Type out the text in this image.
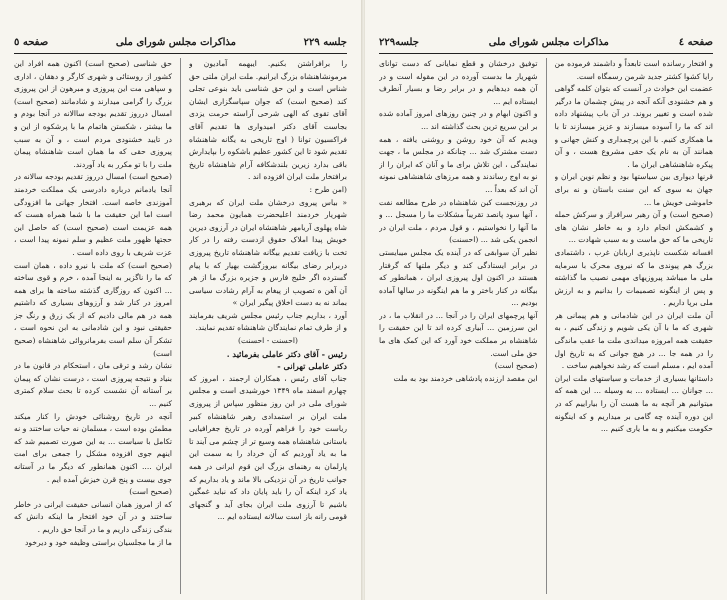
جلسه ۲۲۹
مذاکرات مجلس شورای ملی
صفحه ٥

را برافراشتن بکنیم. ایبهمه آمادیون و مرمونشاهنشاه بزرگ ایرانیم. ملت ایران ملتی حق شناس است و این حق شناسی باید بنوعی تجلی کند (صحیح است) که جوان سپاسگزاری ایشان آقای تقوی که الهی شرحی آراسته حرمت یزدی بجاست آقای دکتر امیدواری ها تقدیم آقای فراکسیون توانا ( اوج تاریخی به یگانه شاهنشاه تقدیم شود تا این کشور عظیم باشکوه را بپایدارش باقی بدارد زیرین بلندشکافه آرام شاهنشاه تاریخ برافتخار ملت ایران افزوده اند .

(امن طرح :

« بیاس پیروی درخشان ملت ایران که برهبری شهریار خردمند اعلیحضرت همایون محمد رضا شاه پهلوی آریامهر شاهنشاه ایران در آرزوی دیرین خویش پیدا املاک حقوق ازدست رفته را در کار تخت با زیافت تقدیم بیگانه شاهنشاه تاریخ پیروزی دربرابر رضای بیگانه بیروزگشت بهیار که با پیام گسترده اگر خلیج فارس و جزیره بزرگ ما از هر آن آهن ه تصویب از پیغام به آرام رشادت سیاسی بماند نه به دست اخلاق پیگیر ایران »

آورد ، بداریم جناب رئیس مجلس شریف بفرمایند و از طرف تمام نمایندگان شاهنشاه تقدیم نمایند.

(احسنت - احسنت)

رئیس - آقای دکتر عاملی بفرمائید .

دکتر عاملی تهرانی -

جناب آقای رئیس ، همکاران ارجمند ، امروز که چهارم اسفند ماه ۱۳۴۹ خورشیدی است و مجلس شورای ملی در ابن روز منظور سپاس از پیروزی ملت ایران بر استمدادی رهبر شاهنشاه کبیر ریاست خود را فراهم آورده در تاریخ جغرافیایی باستانی شاهنشاه همه وسیع تر از چشم می آیند تا ما به یاد آوردیم که آن خرداد را به سمت این پارلمان به رهنمای بزرگ این قوم ایرانی در همه جوانب تاریخ در آن نزدیکی بالا ماند و یاد بداریم که یاد کرد اینکه آن را باید پایان داد که نباید غمگین باشیم تا آرزوی ملت ایران بجای آید و گنجهای قومی رانه باز است سالانه ایستاده ایم ...

حق شناسی (صحیح است) اکنون همه افراد این کشور از روستائی و شهری کارگر و دهقان ، اداری و سپاهی مت این پیروزی و مبرهون از این پیروزی بزرگ را گرامی میدارند و شادمانند (صحیح است) امسال درروز تقدیم بودجه ساالانه در آنجا بودم و ما بیشتر ، شکستن هاتمام ما با پرشکوه از این و در تایید خشنودی مردم است ، و آن به سبب پیروزی حقی که ما همان است شاهنشاه پیمان ملت را با تو مکرر به یاد آوردند.

(صحیح است) امسال درروز تقدیم بودجه سالانه در آنجا یادمانم درباره دادرسی یک مملکت خردمند آموزندی خاصه است. افتخار جهانی ما افزودگی است اما این حقیقت ما با شما همراه هست که همه عزیمت است (صحیح است) که حاصل این حجتها ظهور ملت عظیم و سلم نمونه پیدا است ، عزت شریف با روی داده است .

(صحیح است) که ملت با نیرو داده ، همان است که ما را ناگزیر به اینجا آمده ، خرم و قوی ساخته ... اکنون که روزگاری گذشته ساخته ها برای همه امروز در کنار شد و آرزوهای بسیاری که داشتیم همه در هم مالی دادیم که از یک زرق و رنگ جز حقیقتی نبود و این شادمانی به ابن نحوه است ، تشکر آن سلم است بفرمانروائی شاهنشاه (صحیح است)

نشان رشد و ترقی مان ، استحکام در قانون ما در بنیاد و نتیجه پیروزی است ، درست نشان که پیمان بر آستانه آن نشست کرده تا بحث سلام کمتری کنیم ...

آنچه در تاریخ روشنائی خودش را کنار میکند مطمئن بوده است ، مسلمان نه حیات ساختند و نه تکامل با سیاست ... به این صورت تصمیم شد که اینهم جوی افزوده مشکل را جمعی برای امت ایران .... اکنون همانطور که دیگر ما در آستانه جوی بیست و پنج قرن خیزش آمده ایم .

(صحیح است)

که از امروز همان انسانی حقیقت ایرانی در خاطر ساختند و در آن خود افتخار ما اینکه دانش که بندگی زندگی داریم و ما در آنجا حق داریم .

ما از ما مجلسیان براستی وظیفه خود و دیرخود

صفحه ٤
مذاکرات مجلس شورای ملی
جلسه۲۲۹

و افتخار رسانده است تابعداً و داشمند فرموده من رایا کشوا کشتر جدید شرمن رسمگاه است.

عضمت این خوادث در آنست که بتوان کلمه گواهی و هم خشنودی آنکه آنجه در پیش چشمان ما درگیر شده است و تغییر بروند. در آن باب پیشنهاد داده اند که ما را آسوده میسازند و عزیز میسازند تا با ما همکاری کنیم. با این پرچمداری و کنش جهانی و همانند آن به نام یک حقی مشروع هست ، و آن پیکره شاهنشاهی ایران ما .

قرنها دیواری بین سیاستها بود و نظم نوین ایران و جهان به سوی که این سنت باستان و نه برای خاموشی خویش ما ...

(صحیح است) و آن رهبر سرافراز و سرکش حمله و کشمکش انجام دارد و به خاطر نشان های تاریخی ما که حق ماست و به سبب شهادت ...

افسانه شکست ناپذیری اربابان غرب ، داشتمادی بزرگ هم پیوندی ما که نیروی محرک با سرمایه ملی ما میباشد پیروزیهای مهمی نصیب ما گذاشته و پس از اینگونه تصمیمات را بدانیم و به ارزش ملی برپا داریم .

آن ملت ایران در این شادمانی و هم پیمانی هر شهری که ما با آن یکی شویم و زندگی کنیم ، به حقیقت همه امروزه میداندی ملت ما عقب ماندگی را در همه جا ... در هیچ جوانی که به تاریخ اول آمده ایم ، مسلم است که رشد نخواهیم ساخت .

داستانها بسیاری از خدمات و سیاستهای ملت ایران ... جوانان ... ایستاده ... به وسیله ... این همه که میتوانیم هر آنچه به ما هست آن را بیاراییم که در این دوره آینده چه گامی بر میداریم و که اینگونه حکومت میکنیم و به ما یاری کنیم ...

توفیق درخشان و قطع نمایانی که دست توانای شهریار ما بدست آورده در این مقوله است و در آن همه دیدهایم و در برابر رضا و بسیار آنطرف ایستاده ایم ...

و اکنون ابهام و در چنین روزهای امروز آماده شده بر این سریع ترین بحث گذاشته اند ...

ویدیم که آن خود روشن و روشنی یافته ، همه دست مشترک شد ... چنانکه در مجلس ما ، جهت نمایندگی ، این تلاش برای ما و آنان که ایران را از نو به اوج رساندند و همه مرزهای شاهنشاهی نمونه آن اند که بعداً ...

در روزنجست کبن شاهنشاه در طرح مطالعه نفت ، آنها سود پانصد تقریباً مشکلات ما را مسجل ... و ما آنها را نخواستیم ، و قول مردم ، ملت ایران در انجمن یکی شد ... (احسنت)

نظیر آن سوابقی که در آینده یک مجلس میبایستی در برابر ایستادگی کند و دیگر ملتها که گرفتار هستند در اکنون اول پیروزی ایران ، همانطور که بیگانه در کنار باختر و ما هم اینگونه در سالها آماده بودیم ...

آنها پرچمهای ایران را در آنجا ... در انقلاب ما ، در این سرزمین ... آبیاری کرده اند تا این حقیقت را شاهنشاه بر مملکت خود آورد که این کمک های ما حق ملی است.

(صحیح است)

این مقصد ارزنده پادشاهی خردمند بود به ملت
